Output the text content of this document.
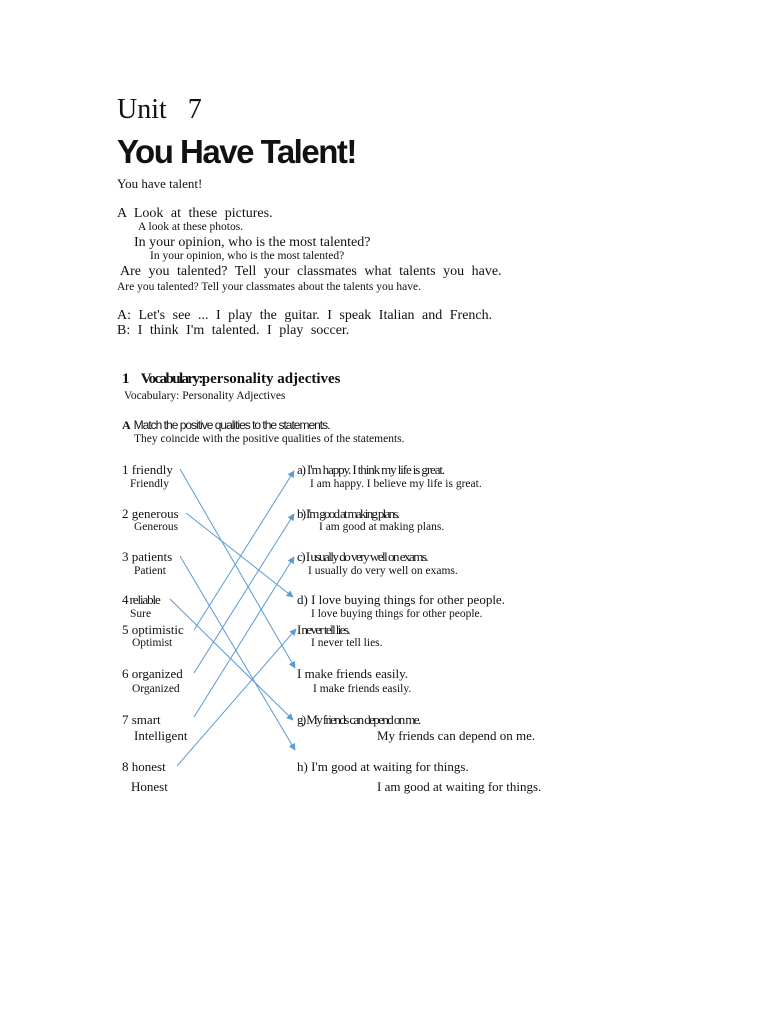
Unit 7
You Have Talent!
You have talent!
A Look at these pictures.
A look at these photos.
In your opinion, who is the most talented?
In your opinion, who is the most talented?
Are you talented? Tell your classmates what talents you have.
Are you talented? Tell your classmates about the talents you have.
A: Let's see ... I play the guitar. I speak Italian and French.
B: I think I'm talented. I play soccer.
1 Vocabulary:personality adjectives
Vocabulary: Personality Adjectives
A Match the positive qualities to the statements.
They coincide with the positive qualities of the statements.
1 friendly
Friendly
2 generous
Generous
3 patients
Patient
4 reliable
Sure
5 optimistic
Optimist
6 organized
Organized
7 smart
Intelligent
8 honest
Honest
a) I'm happy. I think my life is great.
I am happy. I believe my life is great.
b) I'm good at making plans.
I am good at making plans.
c) I usually do very well on exams.
I usually do very well on exams.
d) I love buying things for other people.
I love buying things for other people.
I never tell lies.
I never tell lies.
I make friends easily.
I make friends easily.
g) My friends can depend on me.
My friends can depend on me.
h) I'm good at waiting for things.
I am good at waiting for things.
